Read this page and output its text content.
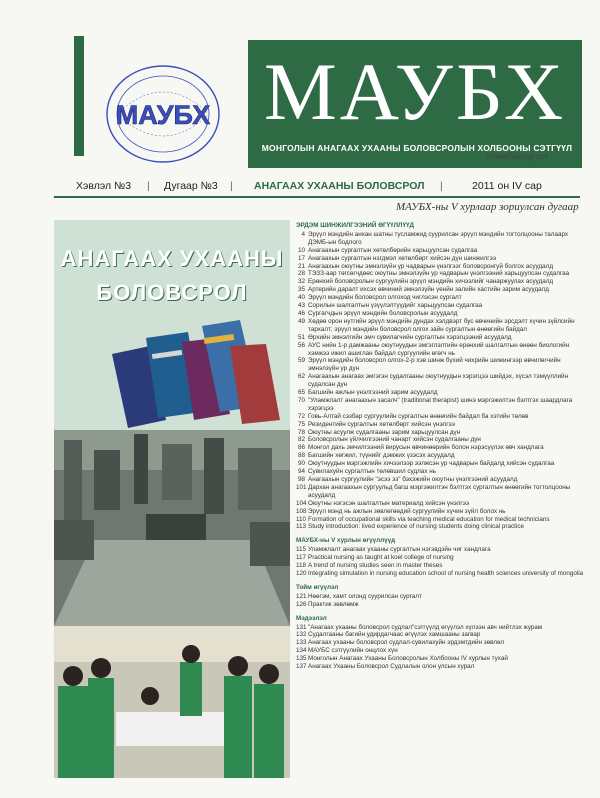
МАУБХ МАУБХ
МОНГОЛЫН АНАГААХ УХААНЫ БОЛОВСРОЛЫН ХОЛБООНЫ СЭТГҮҮЛ
Улаанбаатар хот
Хэвлэл №3 | Дугаар №3 | АНАГААХ УХААНЫ БОЛОВСРОЛ |	2011 он IV сар
МАУБХ-ны V хурлаар зориулсан дугаар
АНАГААХ УХААНЫ
БОЛОВСРОЛ
ЭРДЭМ ШИНЖИЛГЭЭНИЙ ӨГҮҮЛЛҮҮД
4 Эрүүл мэндийн анхан шатны тусламжид суурилсан эрүүл мэндийн тогтолцооны талаарх ДЭМБ-ын бодлого
10 Анагаахын сургалтын хөтөлбөрийн харьцуулсан судалгаа
17 Анагаахын сургалтын нэгдмэл хөтөлбөрт хийсэн дүн шинжилгээ
21 Анагаахын оюутны эмнэлзүйн ур чадварын үнэлгээг боловсронгуй болгох асуудалд
28 ТЭЗЗ-аар төгсөгчдөөс оюутны эмнэлзүйн ур чадварын үнэлгээний харьцуулсан судалгаа
32 Ерөнхий боловсролын сургуулийн эрүүл мэндийн хичээлийг чанаржуулах асуудалд
35 Артерийн даралт ихсэх өвчиний эмнэлзүйн үенйн залийн хастийн зарим асуудалд
40 Эрүүл мэндийн боловсрол олгоход чиглэсэн сургалт
43 Сорилын шалгалтын үзүүлэлтүүдийг харьцуулсан судалгаа
46 Сургагчдын эрүүл мэндийн боловсролын асуудалд
49 Хөдөө орон нутгийн эрүүл мэндийн дундах хэлдвэрт бус өвчинийн эрсдэлт хүчин зүйлсийн тархалт; эрүүл мэндийн боловсрол олгох зайн сургалтын өнөөгийн байдал
51 Өрхийн эмнэлгийн эмч сувилагчийн сургалтын хэрэгцээний асуудалд
56 АУС нийн 1-р дамжааны оюутнуудын эмгэглэлтийн ерөнхий шалгалтын өнөөн биологийн хэмжээ ижил ашиглан байдал сургуулийн өгөгч нь
59 Эрүүл мэндийн боловсрол олгох-2-р хэв шинж бүхий чихрийн шижингээр өвчилөгчийн эмнэлзүйн ур дүн
62 Анагаахын анагаах эмгэгэн судалгааны оюутнуудын хэрэгцээ шийдэх, хүсэл тэмүүллийн судалсан дүн
65 Багшийн ажлын үнэлгээний зарим асуудалд
70 "Уламжлалт анагаахын засалч" (traditional therapist) шинэ мэргэжилтэн бэлтгэх шаардлага хэрэгцээ
72 Говь-Алтай сэзбар сургуулийн сургалтын өнөөгийн байдал ба хэтийн төлөв
75 Резидентийн сургалтын хөтөлбөрт хийсэн үнэлгээ
78 Оюутны асуулж судалгааны зарим харьцуулсан дүн
82 Боловсролын үйлчилгээний чанарт хийсэн судалгааны дүн
86 Монгол дахь эмчилгээний вирусын өвчинөөрийн болон нэрэсүүлэх өвч хандлага
88 Багшийн хөгжил, түүнийг дэмжих үзэсэх асуудалд
90 Оюутнуудын мэргэжлийн хичээлээр ээлжсэн ур чадварын байдалд хийсэн судалгаа
94 Сувилахуйн сургалтын төлөвшил судлах нь
98 Анагаахын сургуулийн "эсээ эз" бэхэжийн оюутны үнэлгээний асуудалд
101 Дархан анагаахын сургуульд багш мэргэжилтэн бэлтгэх сургалтын өнөөгийн тогтолцооны асуудалд
104 Оюутны нэгэсэн шалгалтын материалд хийсэн үнэлгээ
108 Эрүүл мэнд нь ажлын зөвлөгөөдий сургуулийн хүчин зүйл болох нь
110 Formation of occupational skills via teaching medical education for medical technicians
113 Study introduction: lived experience of nursing students doing clinical practice
МАУБХ-ны V хурлын өгүүллүүд
115 Уламжлалт анагаах ухааны сургалтын нэгэвдэйн чиг хандлага
117 Practical nursing as taught at koel college of nursing
118 A trend of nursing studies seen in master theses
120 Integrating simulation in nursing education school of nursing health sciences university of mongolia
Тойм өгүүлэл
121 Нөөгэм, хамт олонд суурилсан сургалт
126 Практик зөвлөмж
Мэдээлэл
131 "Анагаах ухааны боловсрол судлал"сэтгүүлд өгүүлэл хүлээн авч нийтлэх журам
132 Судалгааны багийн удирдагчаас өгүүлэх хамшааны загвар
133 Анагаах ухааны боловсрол судлал-сувилахуйн эрдэмтдийн зөвлөл
134 МАУБС сэтгүүлийн онцлох хүн
135 Монголын Анагаах Ухааны Боловсролын Холбооны IV хурлын тухай
137 Анагаах Ухааны Боловсрол Судлалын олон улсын хурал
